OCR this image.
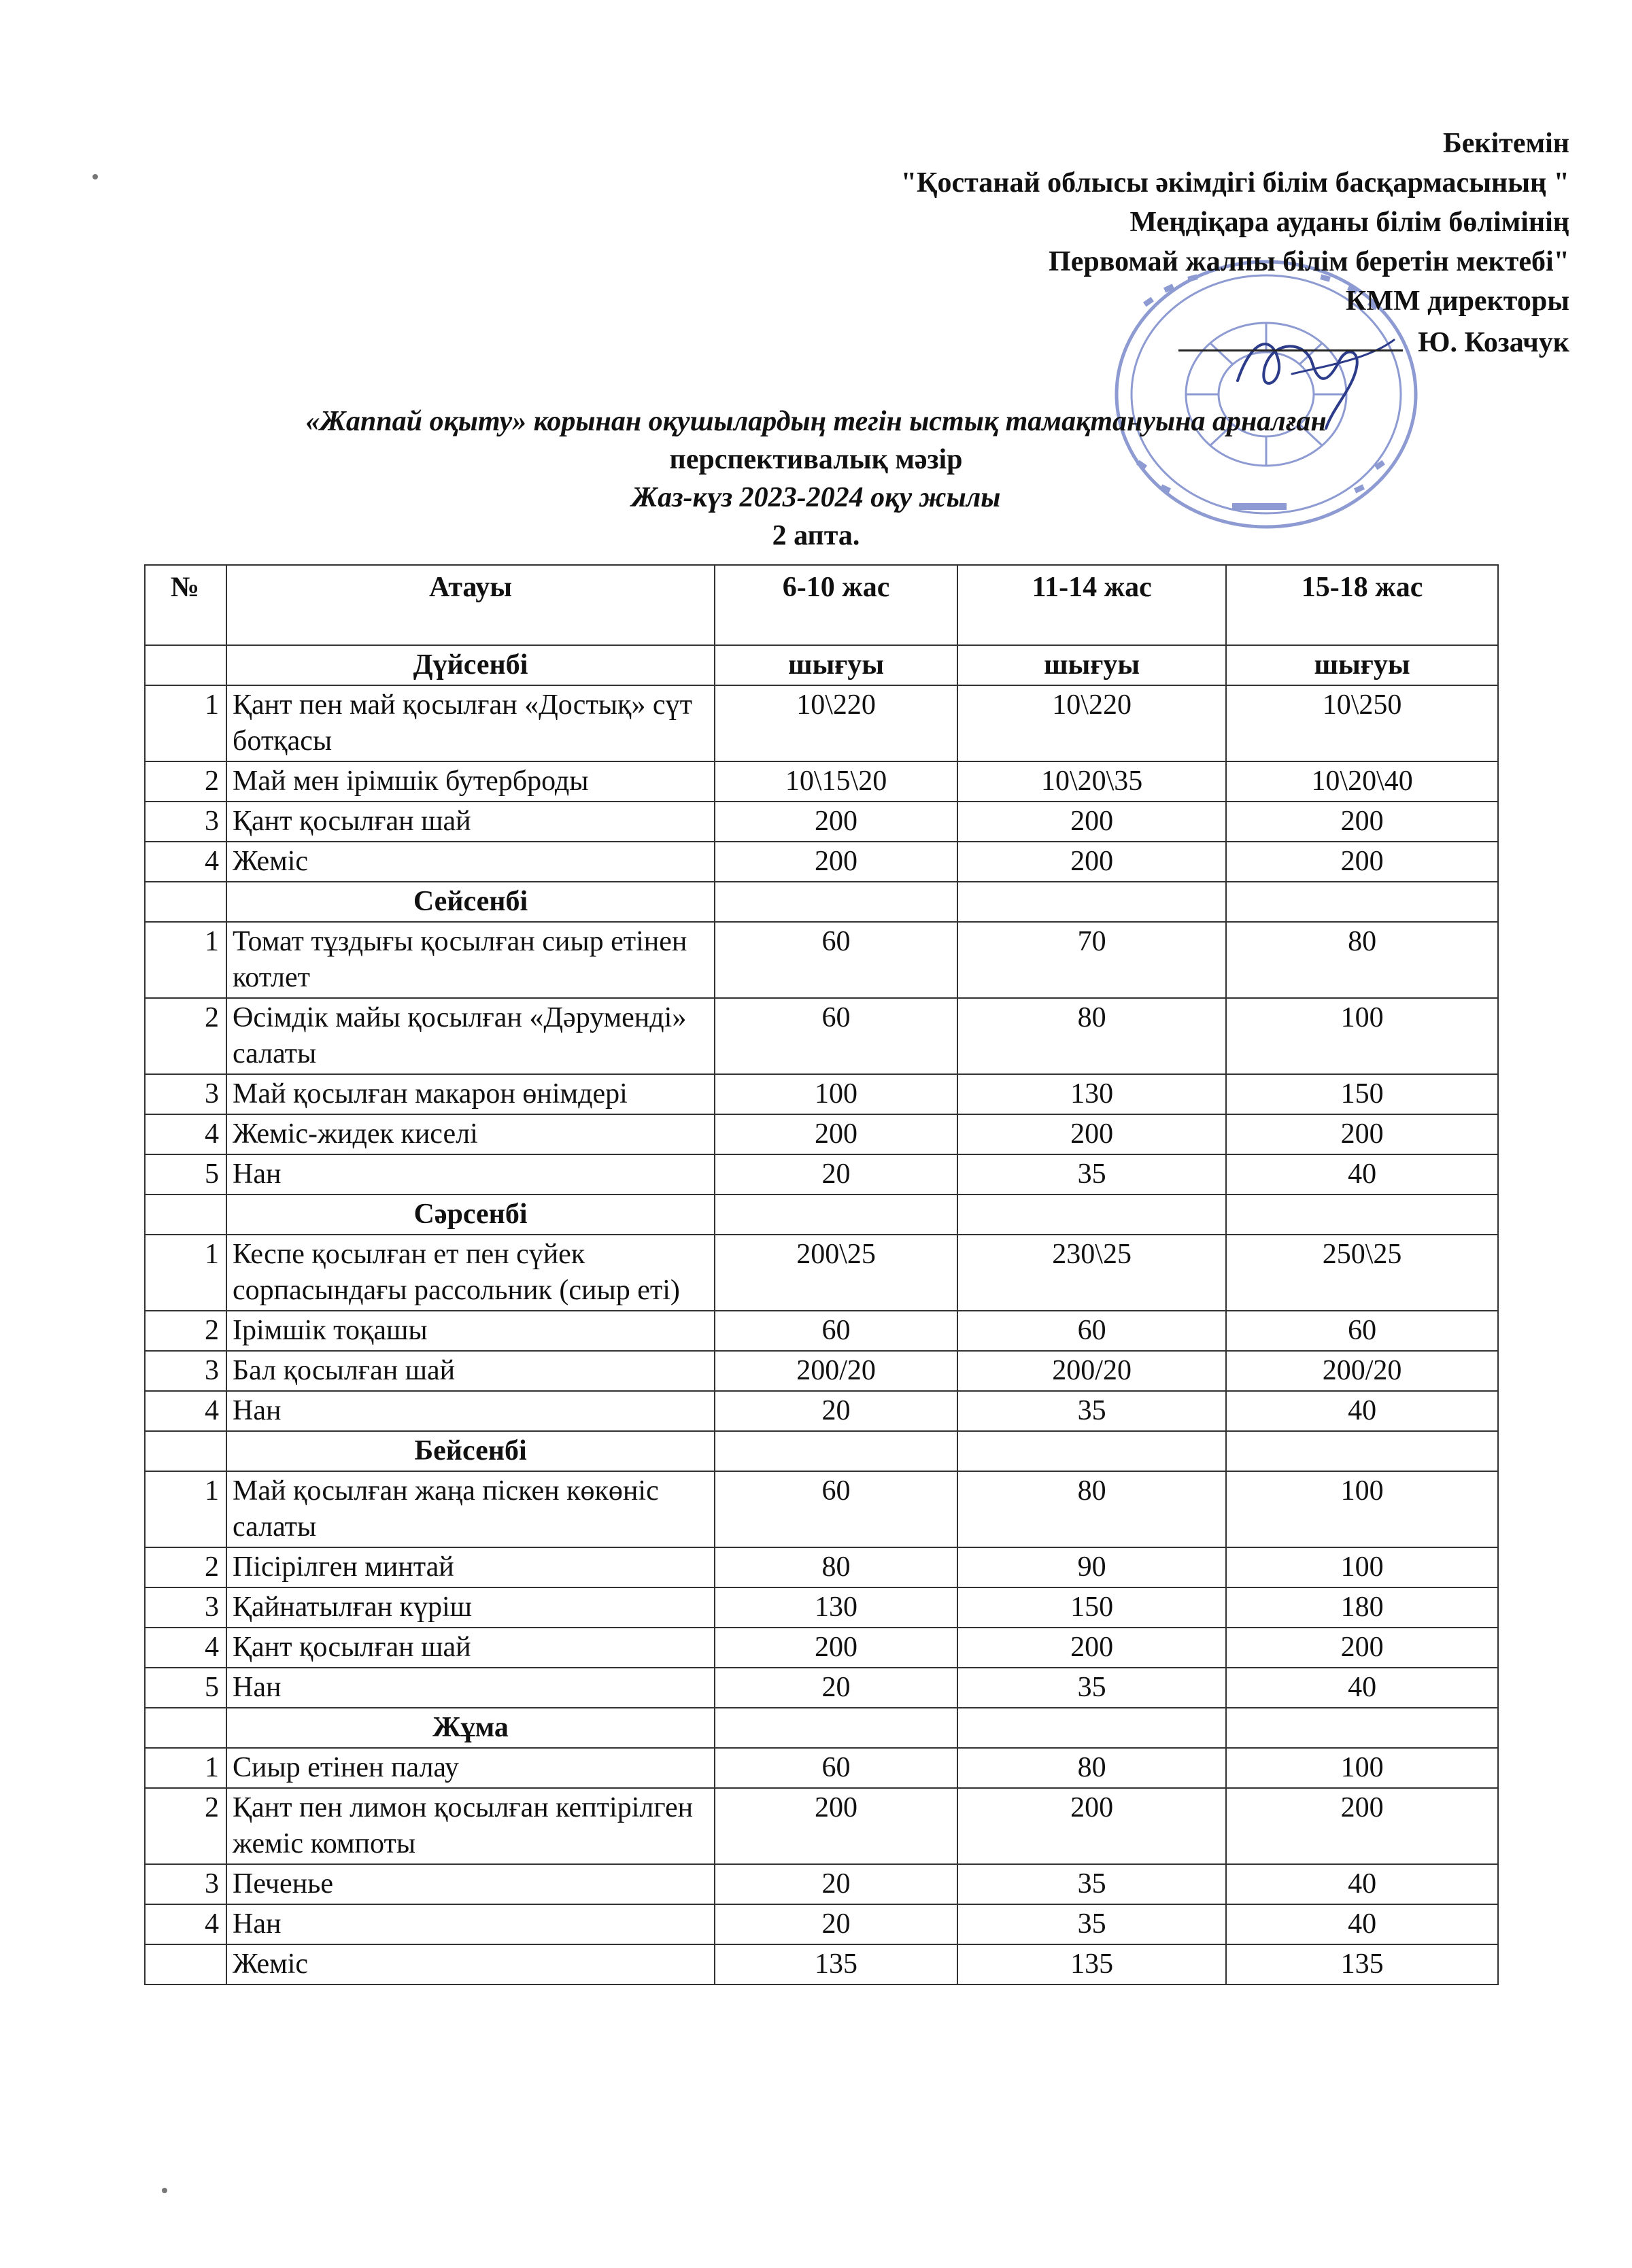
Бекітемін
"Қостанай облысы әкімдігі білім басқармасының "
Меңдіқара ауданы білім бөлімінің
Первомай жалпы білім беретін мектебі"
КММ директоры
Ю. Козачук
«Жаппай оқыту» корынан оқушылардың тегін ыстық тамақтануына арналған
перспективалық мәзір
Жаз-күз 2023-2024 оқу жылы
2 апта.
№	Атауы	6-10 жас	11-14 жас	15-18 жас
	Дүйсенбі	шығуы	шығуы	шығуы
1	Қант пен май қосылған «Достық» сүт ботқасы	10\220	10\220	10\250
2	Май мен ірімшік бутерброды	10\15\20	10\20\35	10\20\40
3	Қант қосылған шай	200	200	200
4	Жеміс	200	200	200
	Сейсенбі			
1	Томат тұздығы қосылған сиыр етінен котлет	60	70	80
2	Өсімдік майы қосылған «Дәруменді» салаты	60	80	100
3	Май қосылған макарон өнімдері	100	130	150
4	Жеміс-жидек киселі	200	200	200
5	Нан	20	35	40
	Сәрсенбі			
1	Кеспе қосылған ет пен сүйек сорпасындағы рассольник (сиыр еті)	200\25	230\25	250\25
2	Ірімшік тоқашы	60	60	60
3	Бал қосылған шай	200/20	200/20	200/20
4	Нан	20	35	40
	Бейсенбі			
1	Май қосылған жаңа піскен көкөніс салаты	60	80	100
2	Пісірілген минтай	80	90	100
3	Қайнатылған күріш	130	150	180
4	Қант қосылған шай	200	200	200
5	Нан	20	35	40
	Жұма			
1	Сиыр етінен палау	60	80	100
2	Қант пен лимон қосылған кептірілген жеміс компоты	200	200	200
3	Печенье	20	35	40
4	Нан	20	35	40
	Жеміс	135	135	135
